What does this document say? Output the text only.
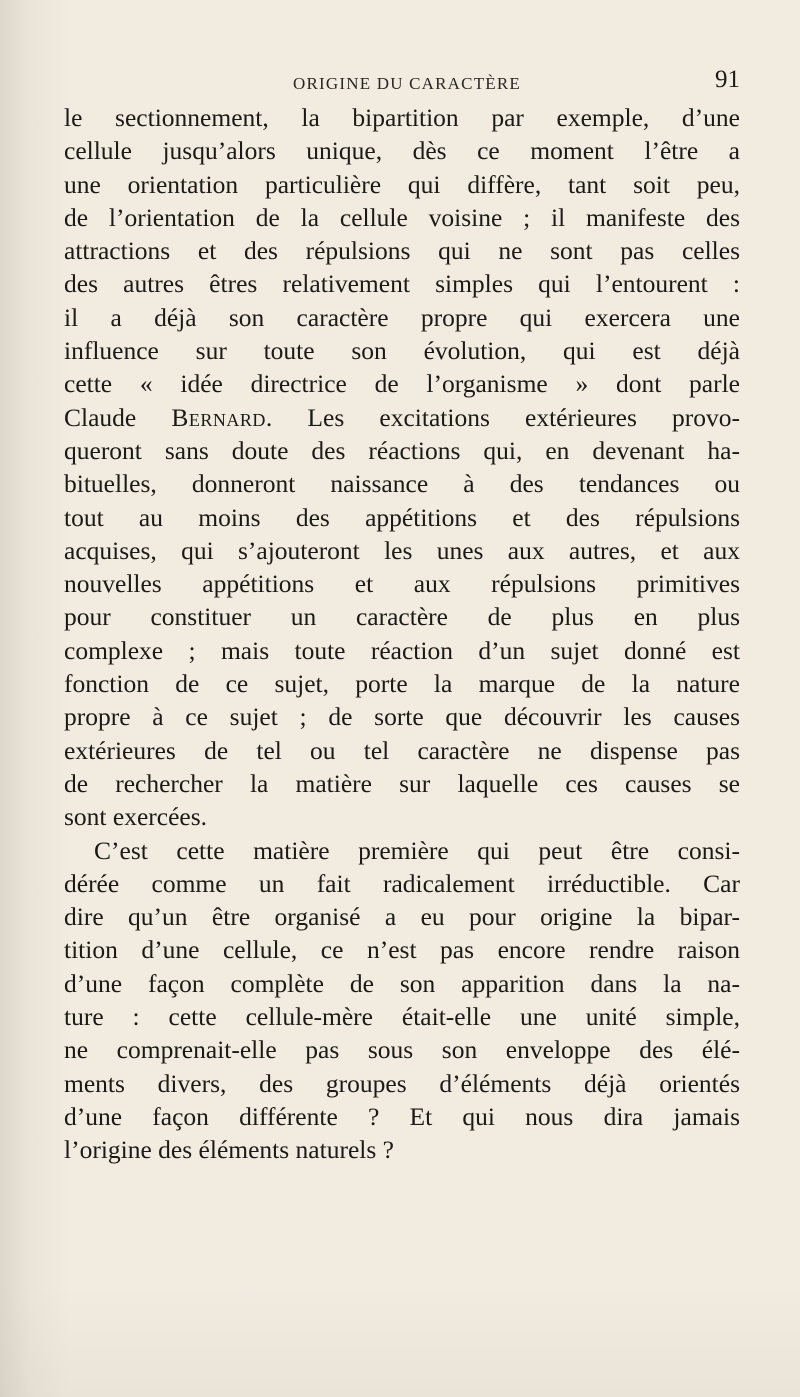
ORIGINE DU CARACTÈRE	91
le sectionnement, la bipartition par exemple, d’une
cellule jusqu’alors unique, dès ce moment l’être a
une orientation particulière qui diffère, tant soit peu,
de l’orientation de la cellule voisine ; il manifeste des
attractions et des répulsions qui ne sont pas celles
des autres êtres relativement simples qui l’entourent :
il a déjà son caractère propre qui exercera une
influence sur toute son évolution, qui est déjà
cette « idée directrice de l’organisme » dont parle
Claude Bernard. Les excitations extérieures provo-
queront sans doute des réactions qui, en devenant ha-
bituelles, donneront naissance à des tendances ou
tout au moins des appétitions et des répulsions
acquises, qui s’ajouteront les unes aux autres, et aux
nouvelles appétitions et aux répulsions primitives
pour constituer un caractère de plus en plus
complexe ; mais toute réaction d’un sujet donné est
fonction de ce sujet, porte la marque de la nature
propre à ce sujet ; de sorte que découvrir les causes
extérieures de tel ou tel caractère ne dispense pas
de rechercher la matière sur laquelle ces causes se
sont exercées.
C’est cette matière première qui peut être consi-
dérée comme un fait radicalement irréductible. Car
dire qu’un être organisé a eu pour origine la bipar-
tition d’une cellule, ce n’est pas encore rendre raison
d’une façon complète de son apparition dans la na-
ture : cette cellule-mère était-elle une unité simple,
ne comprenait-elle pas sous son enveloppe des élé-
ments divers, des groupes d’éléments déjà orientés
d’une façon différente ? Et qui nous dira jamais
l’origine des éléments naturels ?
